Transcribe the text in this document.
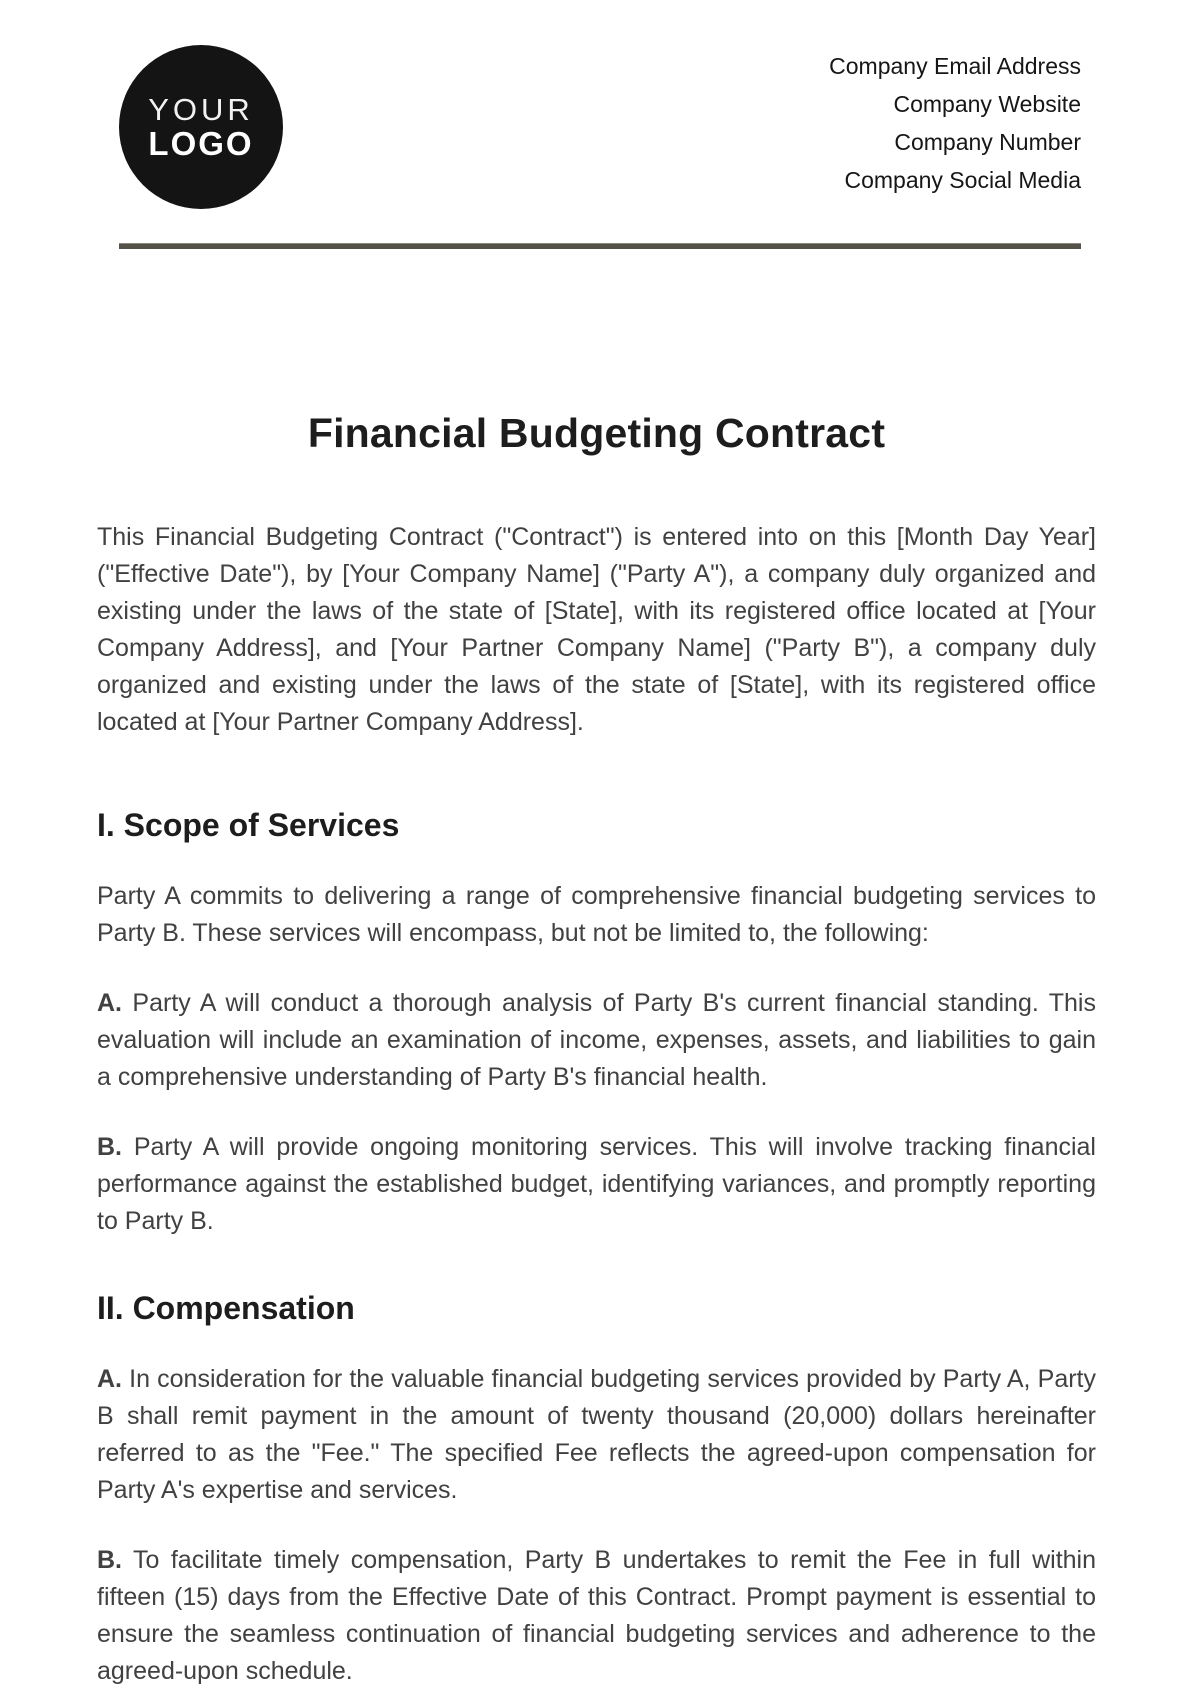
YOUR
LOGO
Company Email Address
Company Website
Company Number
Company Social Media
Financial Budgeting Contract

This Financial Budgeting Contract ("Contract") is entered into on this [Month Day Year] ("Effective Date"), by [Your Company Name] ("Party A"), a company duly organized and existing under the laws of the state of [State], with its registered office located at [Your Company Address], and [Your Partner Company Name] ("Party B"), a company duly organized and existing under the laws of the state of [State], with its registered office located at [Your Partner Company Address].

I. Scope of Services

Party A commits to delivering a range of comprehensive financial budgeting services to Party B. These services will encompass, but not be limited to, the following:

A. Party A will conduct a thorough analysis of Party B's current financial standing. This evaluation will include an examination of income, expenses, assets, and liabilities to gain a comprehensive understanding of Party B's financial health.

B. Party A will provide ongoing monitoring services. This will involve tracking financial performance against the established budget, identifying variances, and promptly reporting to Party B.

II. Compensation

A. In consideration for the valuable financial budgeting services provided by Party A, Party B shall remit payment in the amount of twenty thousand (20,000) dollars hereinafter referred to as the "Fee." The specified Fee reflects the agreed-upon compensation for Party A's expertise and services.

B. To facilitate timely compensation, Party B undertakes to remit the Fee in full within fifteen (15) days from the Effective Date of this Contract. Prompt payment is essential to ensure the seamless continuation of financial budgeting services and adherence to the agreed-upon schedule.
